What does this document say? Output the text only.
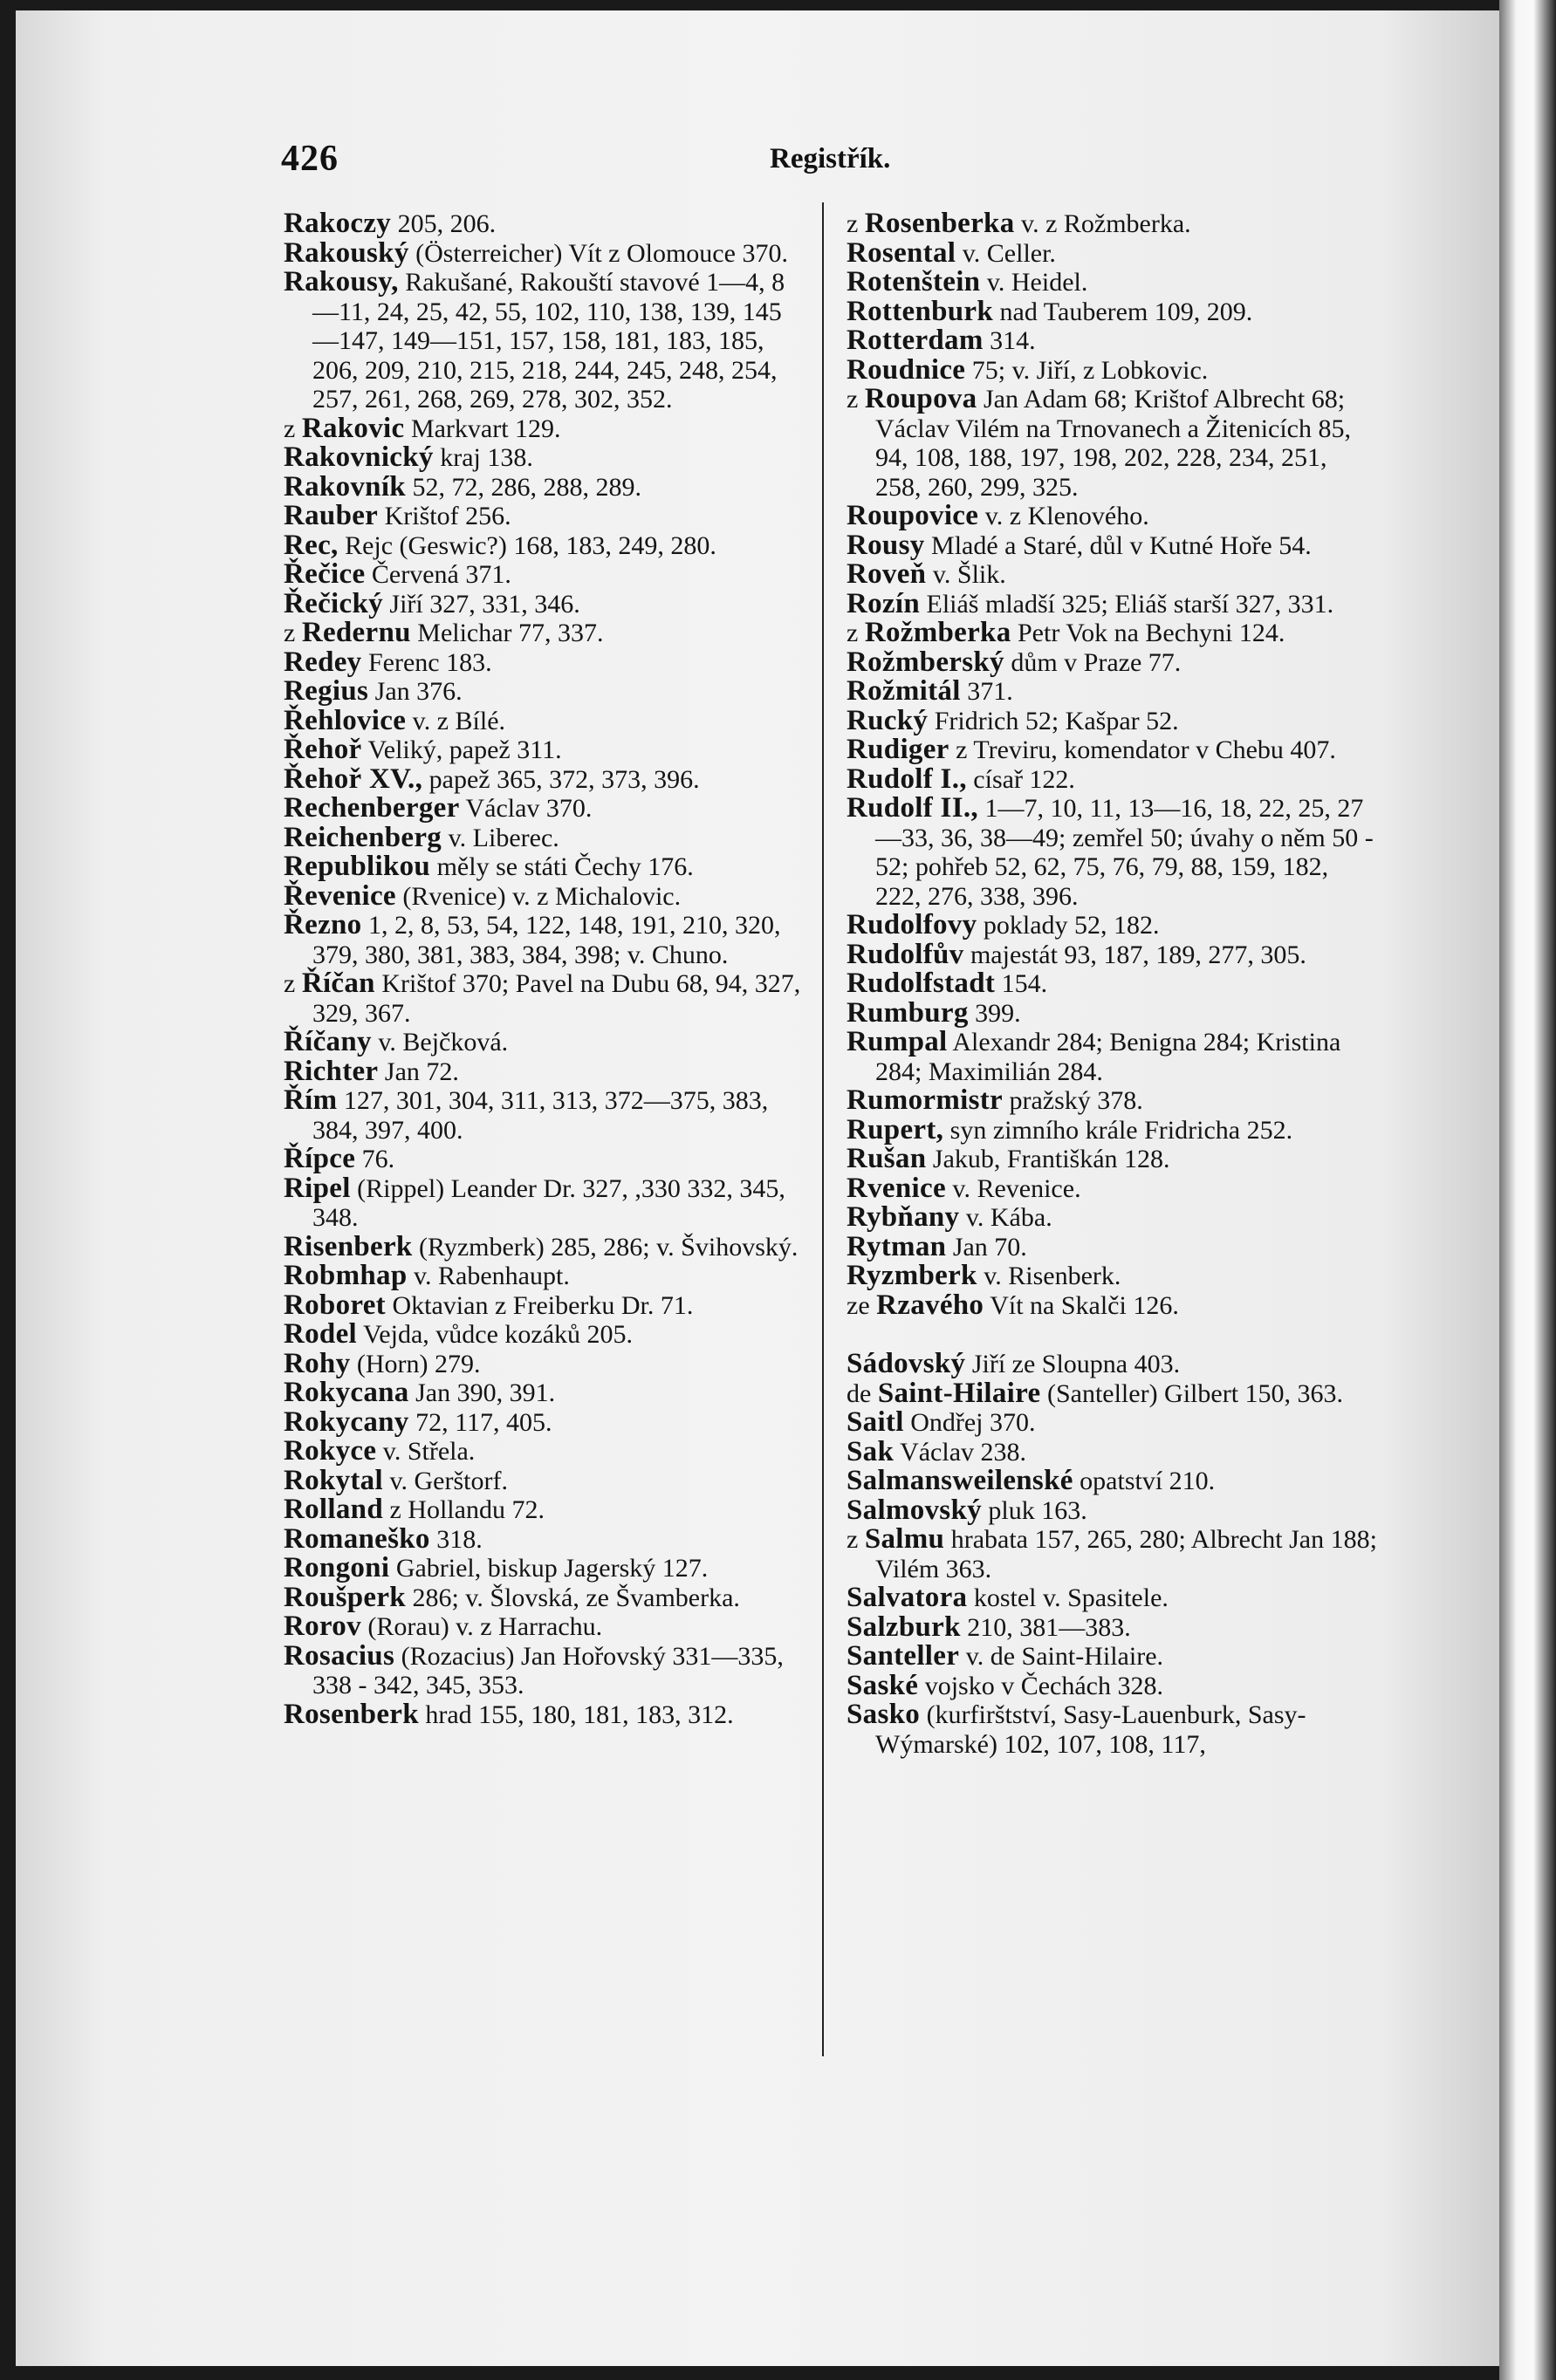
426	Registřík.

Rakoczy 205, 206.

Rakouský (Österreicher) Vít z Olomouce 370.

Rakousy, Rakušané, Rakouští stavové 1—4, 8—11, 24, 25, 42, 55, 102, 110, 138, 139, 145—147, 149—151, 157, 158, 181, 183, 185, 206, 209, 210, 215, 218, 244, 245, 248, 254, 257, 261, 268, 269, 278, 302, 352.

z Rakovic Markvart 129.

Rakovnický kraj 138.

Rakovník 52, 72, 286, 288, 289.

Rauber Krištof 256.

Rec, Rejc (Geswic?) 168, 183, 249, 280.

Řečice Červená 371.

Řečický Jiří 327, 331, 346.

z Redernu Melichar 77, 337.

Redey Ferenc 183.

Regius Jan 376.

Řehlovice v. z Bílé.

Řehoř Veliký, papež 311.

Řehoř XV., papež 365, 372, 373, 396.

Rechenberger Václav 370.

Reichenberg v. Liberec.

Republikou měly se státi Čechy 176.

Řevenice (Rvenice) v. z Michalovic.

Řezno 1, 2, 8, 53, 54, 122, 148, 191, 210, 320, 379, 380, 381, 383, 384, 398; v. Chuno.

z Říčan Krištof 370; Pavel na Dubu 68, 94, 327, 329, 367.

Říčany v. Bejčková.

Richter Jan 72.

Řím 127, 301, 304, 311, 313, 372—375, 383, 384, 397, 400.

Řípce 76.

Ripel (Rippel) Leander Dr. 327, ,330 332, 345, 348.

Risenberk (Ryzmberk) 285, 286; v. Švihovský.

Robmhap v. Rabenhaupt.

Roboret Oktavian z Freiberku Dr. 71.

Rodel Vejda, vůdce kozáků 205.

Rohy (Horn) 279.

Rokycana Jan 390, 391.

Rokycany 72, 117, 405.

Rokyce v. Střela.

Rokytal v. Gerštorf.

Rolland z Hollandu 72.

Romaneško 318.

Rongoni Gabriel, biskup Jagerský 127.

Roušperk 286; v. Šlovská, ze Švamberka.

Rorov (Rorau) v. z Harrachu.

Rosacius (Rozacius) Jan Hořovský 331—335, 338 - 342, 345, 353.

Rosenberk hrad 155, 180, 181, 183, 312.

z Rosenberka v. z Rožmberka.

Rosental v. Celler.

Rotenštein v. Heidel.

Rottenburk nad Tauberem 109, 209.

Rotterdam 314.

Roudnice 75; v. Jiří, z Lobkovic.

z Roupova Jan Adam 68; Krištof Albrecht 68; Václav Vilém na Trnovanech a Žitenicích 85, 94, 108, 188, 197, 198, 202, 228, 234, 251, 258, 260, 299, 325.

Roupovice v. z Klenového.

Rousy Mladé a Staré, důl v Kutné Hoře 54.

Roveň v. Šlik.

Rozín Eliáš mladší 325; Eliáš starší 327, 331.

z Rožmberka Petr Vok na Bechyni 124.

Rožmberský dům v Praze 77.

Rožmitál 371.

Rucký Fridrich 52; Kašpar 52.

Rudiger z Treviru, komendator v Chebu 407.

Rudolf I., císař 122.

Rudolf II., 1—7, 10, 11, 13—16, 18, 22, 25, 27—33, 36, 38—49; zemřel 50; úvahy o něm 50 - 52; pohřeb 52, 62, 75, 76, 79, 88, 159, 182, 222, 276, 338, 396.

Rudolfovy poklady 52, 182.

Rudolfův majestát 93, 187, 189, 277, 305.

Rudolfstadt 154.

Rumburg 399.

Rumpal Alexandr 284; Benigna 284; Kristina 284; Maximilián 284.

Rumormistr pražský 378.

Rupert, syn zimního krále Fridricha 252.

Rušan Jakub, Františkán 128.

Rvenice v. Revenice.

Rybňany v. Kába.

Rytman Jan 70.

Ryzmberk v. Risenberk.

ze Rzavého Vít na Skalči 126.

Sádovský Jiří ze Sloupna 403.

de Saint-Hilaire (Santeller) Gilbert 150, 363.

Saitl Ondřej 370.

Sak Václav 238.

Salmansweilenské opatství 210.

Salmovský pluk 163.

z Salmu hrabata 157, 265, 280; Albrecht Jan 188; Vilém 363.

Salvatora kostel v. Spasitele.

Salzburk 210, 381—383.

Santeller v. de Saint-Hilaire.

Saské vojsko v Čechách 328.

Sasko (kurfirštství, Sasy-Lauenburk, Sasy-Wýmarské) 102, 107, 108, 117,
